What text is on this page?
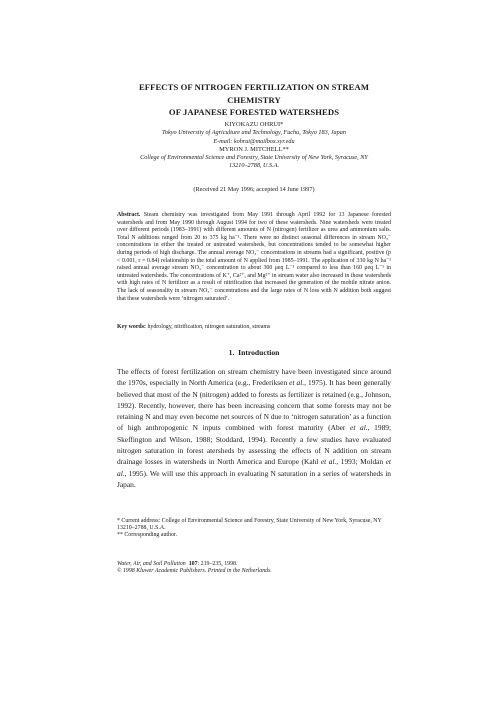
EFFECTS OF NITROGEN FERTILIZATION ON STREAM CHEMISTRY
OF JAPANESE FORESTED WATERSHEDS
KIYOKAZU OHRUI*
Tokyo University of Agriculture and Technology, Fuchu, Tokyo 183, Japan
E-mail: kohrui@mailbox.syr.edu
MYRON J. MITCHELL**
College of Environmental Science and Forestry, State University of New York, Syracuse, NY
13210–2788, U.S.A.
(Received 21 May 1996; accepted 14 June 1997)
Abstract. Steam chemistry was investigated from May 1991 through April 1992 for 13 Japanese forested watersheds and from May 1990 through August 1994 for two of these watersheds. Nine watersheds were treated over different periods (1983–1991) with different amounts of N (nitrogen) fertilizer as urea and ammonium salts. Total N additions ranged from 20 to 375 kg ha⁻¹. There were no distinct seasonal differences in stream NO₃⁻ concentrations in either the treated or untreated watersheds, but concentrations tended to be somewhat higher during periods of high discharge. The annual average NO₃⁻ concentrations in streams had a significant, positive (p < 0.001, r = 0.84) relationship to the total amount of N applied from 1985–1991. The application of 330 kg N ha⁻¹ raised annual average stream NO₃⁻ concentration to about 300 μeq L⁻¹ compared to less than 160 μeq L⁻¹ in untreated watersheds. The concentrations of K⁺, Ca²⁺, and Mg²⁺ in stream water also increased in those watersheds with high rates of N fertilizer as a result of nitrification that increased the generation of the mobile nitrate anion. The lack of seasonality in stream NO₃⁻ concentrations and the large rates of N loss with N addition both suggest that these watersheds were ‘nitrogen saturated’.
Key words: hydrology, nitrification, nitrogen saturation, streams
1. Introduction
The effects of forest fertilization on stream chemistry have been investigated since around the 1970s, especially in North America (e.g., Frederiksen et al., 1975). It has been generally believed that most of the N (nitrogen) added to forests as fertilizer is retained (e.g., Johnson, 1992). Recently, however, there has been increasing concern that some forests may not be retaining N and may even become net sources of N due to ‘nitrogen saturation’ as a function of high anthropogenic N inputs combined with forest maturity (Aber et al., 1989; Skeffington and Wilson, 1988; Stoddard, 1994). Recently a few studies have evaluated nitrogen saturation in forest atersheds by assessing the effects of N addition on stream drainage losses in watersheds in North America and Europe (Kahl et al., 1993; Moldan et al., 1995). We will use this approach in evaluating N saturation in a series of watersheds in Japan.
* Current address: College of Environmental Science and Forestry, State University of New York, Syracuse, NY 13210–2788, U.S.A.
** Corresponding author.
Water, Air, and Soil Pollution 107: 219–235, 1998.
© 1998 Kluwer Academic Publishers. Printed in the Netherlands.
